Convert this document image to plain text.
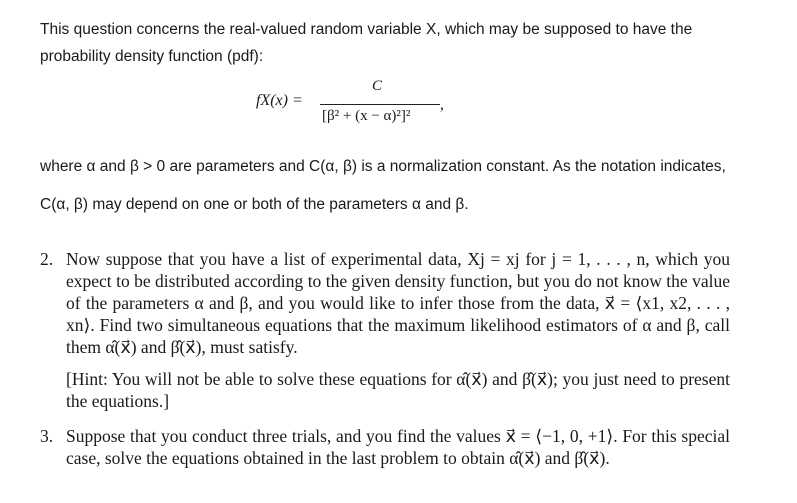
This question concerns the real-valued random variable X, which may be supposed to have the
probability density function (pdf):
fX(x) =
C
[β² + (x − α)²]²
,
where α and β > 0 are parameters and C(α, β) is a normalization constant. As the notation indicates,
C(α, β) may depend on one or both of the parameters α and β.
2. Now suppose that you have a list of experimental data, Xj = xj for j = 1, . . . , n, which you expect to be distributed according to the given density function, but you do not know the value of the parameters α and β, and you would like to infer those from the data, x⃗ = ⟨x1, x2, . . . , xn⟩. Find two simultaneous equations that the maximum likelihood estimators of α and β, call them α̂(x⃗) and β̂(x⃗), must satisfy.
[Hint: You will not be able to solve these equations for α̂(x⃗) and β̂(x⃗); you just need to present the equations.]
3. Suppose that you conduct three trials, and you find the values x⃗ = ⟨−1, 0, +1⟩. For this special case, solve the equations obtained in the last problem to obtain α̂(x⃗) and β̂(x⃗).
